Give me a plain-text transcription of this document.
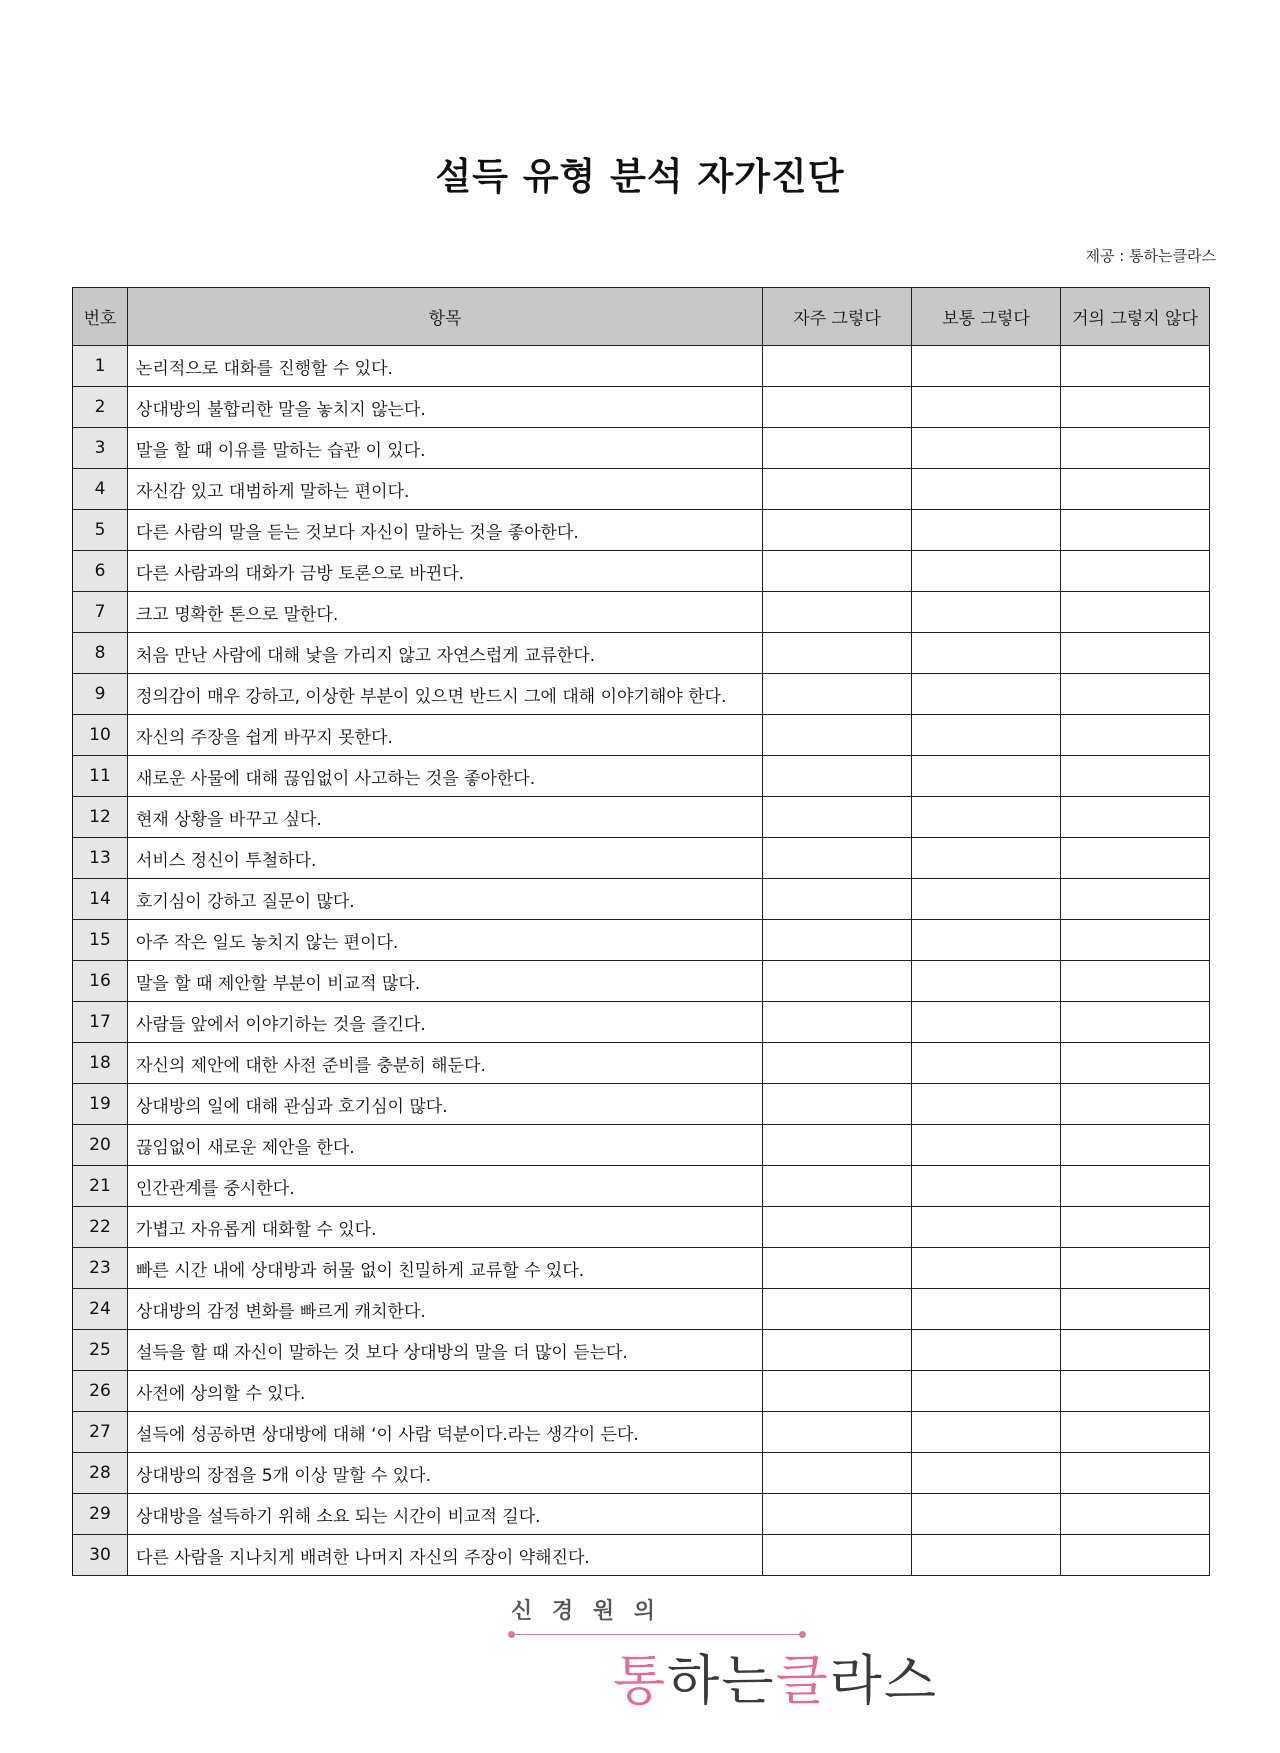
설득 유형 분석 자가진단
제공 : 통하는클라스
번호	항목	자주 그렇다	보통 그렇다	거의 그렇지 않다
1	논리적으로 대화를 진행할 수 있다.			
2	상대방의 불합리한 말을 놓치지 않는다.			
3	말을 할 때 이유를 말하는 습관 이 있다.			
4	자신감 있고 대범하게 말하는 편이다.			
5	다른 사람의 말을 듣는 것보다 자신이 말하는 것을 좋아한다.			
6	다른 사람과의 대화가 금방 토론으로 바뀐다.			
7	크고 명확한 톤으로 말한다.			
8	처음 만난 사람에 대해 낯을 가리지 않고 자연스럽게 교류한다.			
9	정의감이 매우 강하고, 이상한 부분이 있으면 반드시 그에 대해 이야기해야 한다.			
10	자신의 주장을 쉽게 바꾸지 못한다.			
11	새로운 사물에 대해 끊임없이 사고하는 것을 좋아한다.			
12	현재 상황을 바꾸고 싶다.			
13	서비스 정신이 투철하다.			
14	호기심이 강하고 질문이 많다.			
15	아주 작은 일도 놓치지 않는 편이다.			
16	말을 할 때 제안할 부분이 비교적 많다.			
17	사람들 앞에서 이야기하는 것을 즐긴다.			
18	자신의 제안에 대한 사전 준비를 충분히 해둔다.			
19	상대방의 일에 대해 관심과 호기심이 많다.			
20	끊임없이 새로운 제안을 한다.			
21	인간관계를 중시한다.			
22	가볍고 자유롭게 대화할 수 있다.			
23	빠른 시간 내에 상대방과 허물 없이 친밀하게 교류할 수 있다.			
24	상대방의 감정 변화를 빠르게 캐치한다.			
25	설득을 할 때 자신이 말하는 것 보다 상대방의 말을 더 많이 듣는다.			
26	사전에 상의할 수 있다.			
27	설득에 성공하면 상대방에 대해 ‘이 사람 덕분이다.라는 생각이 든다.			
28	상대방의 장점을 5개 이상 말할 수 있다.			
29	상대방을 설득하기 위해 소요 되는 시간이 비교적 길다.			
30	다른 사람을 지나치게 배려한 나머지 자신의 주장이 약해진다.			
신 경 원 의
통하는클라스
